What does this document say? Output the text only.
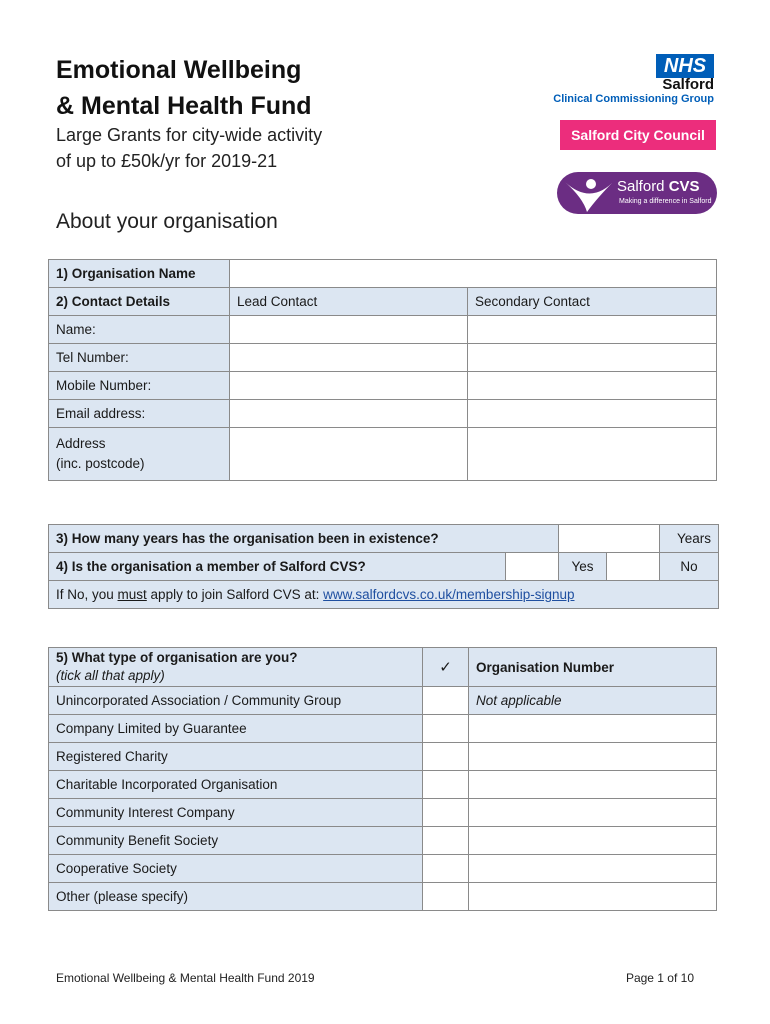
Emotional Wellbeing
& Mental Health Fund
Large Grants for city-wide activity
of up to £50k/yr for 2019-21
NHS
Salford
Clinical Commissioning Group
Salford City Council
Salford CVS
Making a difference in Salford
About your organisation
1) Organisation Name		
2) Contact Details	Lead Contact	Secondary Contact
Name:		
Tel Number:		
Mobile Number:		
Email address:		

Address
(inc. postcode)		

3) How many years has the organisation been in existence?				Years
4) Is the organisation a member of Salford CVS?		Yes		No
If No, you must apply to join Salford CVS at: www.salfordcvs.co.uk/membership-signup				
5) What type of organisation are you?
(tick all that apply)	✓	Organisation Number
Unincorporated Association / Community Group		Not applicable
Company Limited by Guarantee		
Registered Charity		
Charitable Incorporated Organisation		
Community Interest Company		
Community Benefit Society		
Cooperative Society		
Other (please specify)		
Emotional Wellbeing & Mental Health Fund 2019	Page 1 of 10
